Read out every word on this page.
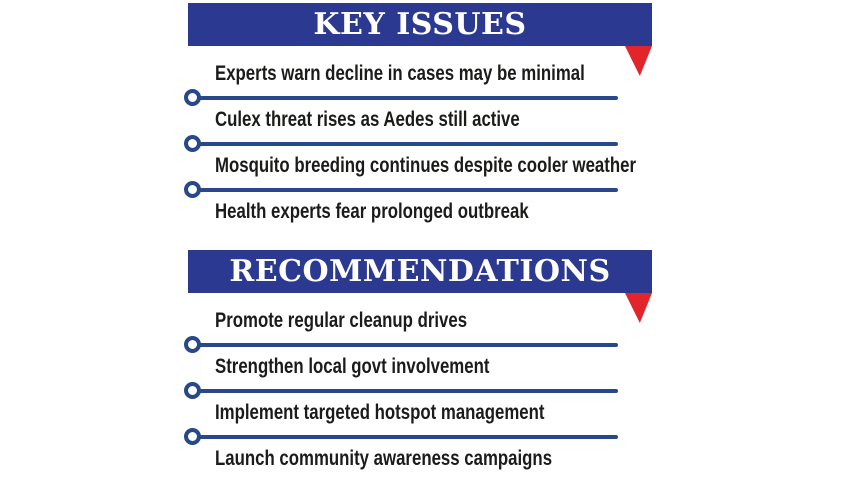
KEY ISSUES
Experts warn decline in cases may be minimal
Culex threat rises as Aedes still active
Mosquito breeding continues despite cooler weather
Health experts fear prolonged outbreak
RECOMMENDATIONS
Promote regular cleanup drives
Strengthen local govt involvement
Implement targeted hotspot management
Launch community awareness campaigns
